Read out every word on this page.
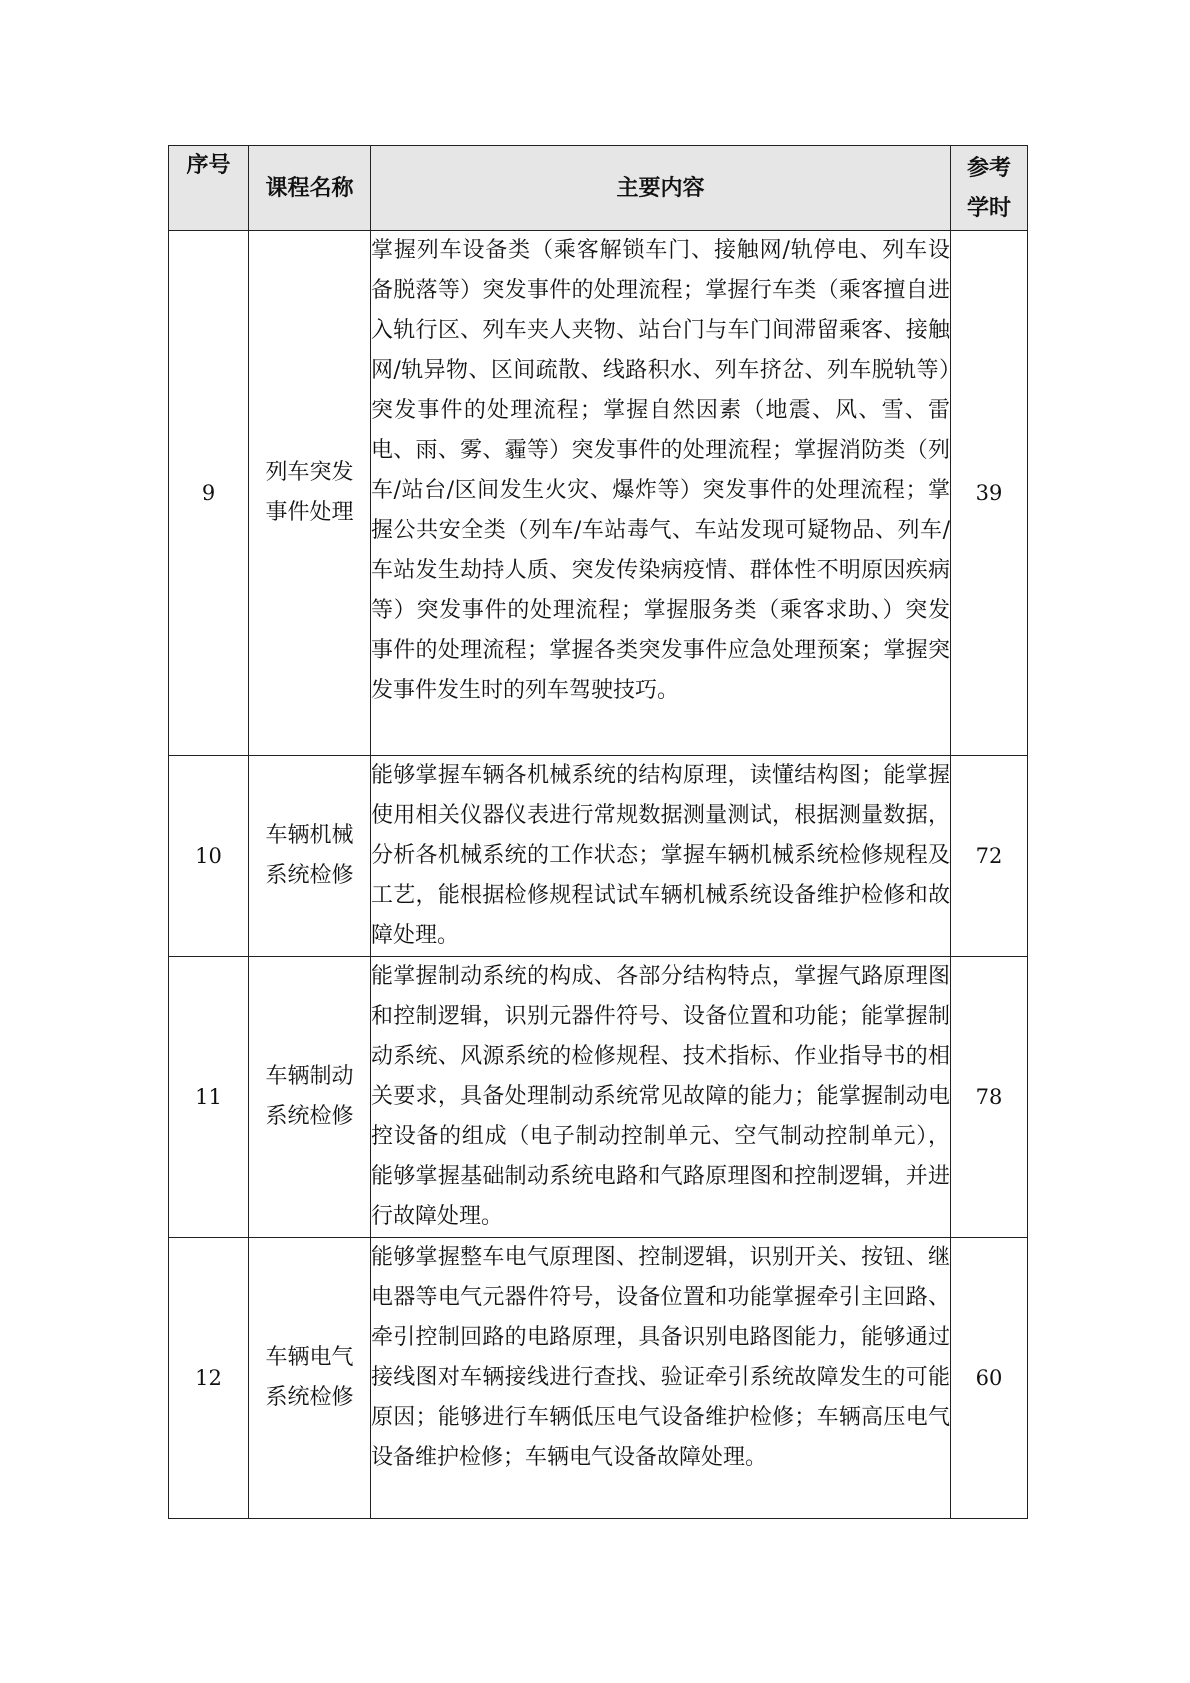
序号	课程名称	主要内容	参考学时

9	列车突发事件处理	掌握列车设备类（乘客解锁车门、接触网/轨停电、列车设备脱落等）突发事件的处理流程；掌握行车类（乘客擅自进入轨行区、列车夹人夹物、站台门与车门间滞留乘客、接触网/轨异物、区间疏散、线路积水、列车挤岔、列车脱轨等）突发事件的处理流程；掌握自然因素（地震、风、雪、雷电、雨、雾、霾等）突发事件的处理流程；掌握消防类（列车/站台/区间发生火灾、爆炸等）突发事件的处理流程；掌握公共安全类（列车/车站毒气、车站发现可疑物品、列车/车站发生劫持人质、突发传染病疫情、群体性不明原因疾病等）突发事件的处理流程；掌握服务类（乘客求助、）突发事件的处理流程；掌握各类突发事件应急处理预案；掌握突发事件发生时的列车驾驶技巧。	39
10	车辆机械系统检修	能够掌握车辆各机械系统的结构原理，读懂结构图；能掌握使用相关仪器仪表进行常规数据测量测试，根据测量数据，分析各机械系统的工作状态；掌握车辆机械系统检修规程及工艺，能根据检修规程试试车辆机械系统设备维护检修和故障处理。	72
11	车辆制动系统检修	能掌握制动系统的构成、各部分结构特点，掌握气路原理图和控制逻辑，识别元器件符号、设备位置和功能；能掌握制动系统、风源系统的检修规程、技术指标、作业指导书的相关要求，具备处理制动系统常见故障的能力；能掌握制动电控设备的组成（电子制动控制单元、空气制动控制单元），能够掌握基础制动系统电路和气路原理图和控制逻辑，并进行故障处理。	78
12	车辆电气系统检修	能够掌握整车电气原理图、控制逻辑，识别开关、按钮、继电器等电气元器件符号，设备位置和功能掌握牵引主回路、牵引控制回路的电路原理，具备识别电路图能力，能够通过接线图对车辆接线进行查找、验证牵引系统故障发生的可能原因；能够进行车辆低压电气设备维护检修；车辆高压电气设备维护检修；车辆电气设备故障处理。	60
